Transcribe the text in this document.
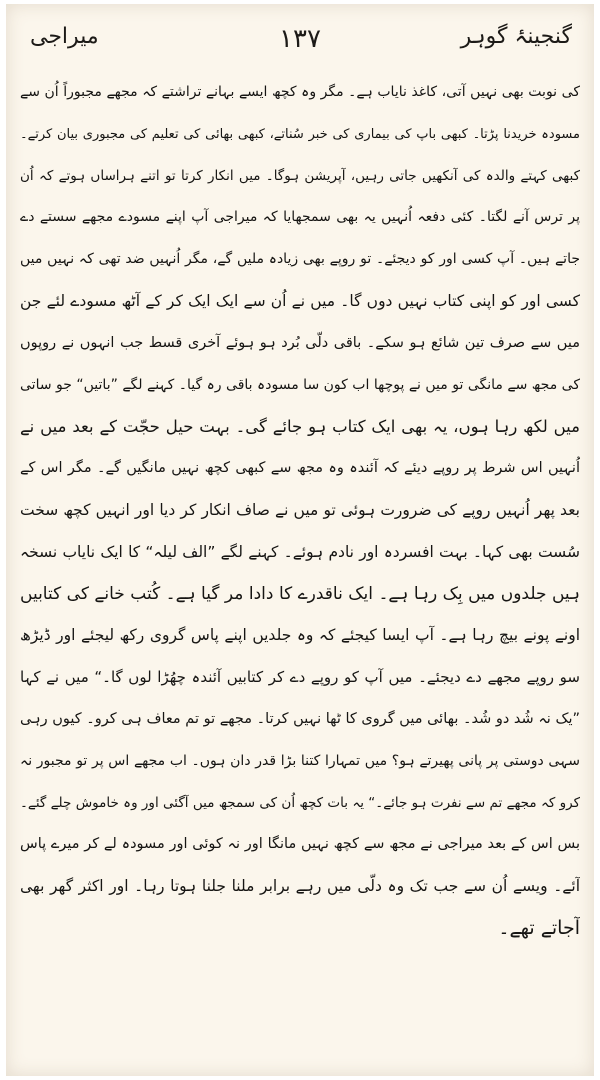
گنجینۂ گوہر
۱۳۷
میراجی
کی نوبت بھی نہیں آتی، کاغذ نایاب ہے۔ مگر وہ کچھ ایسے بہانے تراشتے کہ مجھے مجبوراً اُن سے
مسودہ خریدنا پڑتا۔ کبھی باپ کی بیماری کی خبر سُناتے، کبھی بھائی کی تعلیم کی مجبوری بیان کرتے۔
کبھی کہتے والدہ کی آنکھیں جاتی رہیں، آپریشن ہوگا۔ میں انکار کرتا تو اتنے ہراساں ہوتے کہ اُن
پر ترس آنے لگتا۔ کئی دفعہ اُنہیں یہ بھی سمجھایا کہ میراجی آپ اپنے مسودے مجھے سستے دے
جاتے ہیں۔ آپ کسی اور کو دیجئے۔ تو روپے بھی زیادہ ملیں گے، مگر اُنہیں ضد تھی کہ نہیں میں
کسی اور کو اپنی کتاب نہیں دوں گا۔ میں نے اُن سے ایک ایک کر کے آٹھ مسودے لئے جن
میں سے صرف تین شائع ہو سکے۔ باقی دلّی بُرد ہو ہوئے آخری قسط جب انہوں نے روپوں
کی مجھ سے مانگی تو میں نے پوچھا اب کون سا مسودہ باقی رہ گیا۔ کہنے لگے ”باتیں“ جو ساتی
میں لکھ رہا ہوں، یہ بھی ایک کتاب ہو جائے گی۔ بہت حیل حجّت کے بعد میں نے
اُنہیں اس شرط پر روپے دیئے کہ آئندہ وہ مجھ سے کبھی کچھ نہیں مانگیں گے۔ مگر اس کے
بعد پھر اُنہیں روپے کی ضرورت ہوئی تو میں نے صاف انکار کر دیا اور انہیں کچھ سخت
سُست بھی کہا۔ بہت افسردہ اور نادم ہوئے۔ کہنے لگے ”الف لیلہ“ کا ایک نایاب نسخہ
ہیں جلدوں میں بِک رہا ہے۔ ایک ناقدرے کا دادا مر گیا ہے۔ کُتب خانے کی کتابیں
اونے پونے بیچ رہا ہے۔ آپ ایسا کیجئے کہ وہ جلدیں اپنے پاس گروی رکھ لیجئے اور ڈیڑھ
سو روپے مجھے دے دیجئے۔ میں آپ کو روپے دے کر کتابیں آئندہ چھُڑا لوں گا۔“ میں نے کہا
”یک نہ شُد دو شُد۔ بھائی میں گروی کا ٹھا نہیں کرتا۔ مجھے تو تم معاف ہی کرو۔ کیوں رہی
سہی دوستی پر پانی پھیرتے ہو؟ میں تمہارا کتنا بڑا قدر دان ہوں۔ اب مجھے اس پر تو مجبور نہ
کرو کہ مجھے تم سے نفرت ہو جائے۔“ یہ بات کچھ اُن کی سمجھ میں آگئی اور وہ خاموش چلے گئے۔
بس اس کے بعد میراجی نے مجھ سے کچھ نہیں مانگا اور نہ کوئی اور مسودہ لے کر میرے پاس
آئے۔ ویسے اُن سے جب تک وہ دلّی میں رہے برابر ملنا جلنا ہوتا رہا۔ اور اکثر گھر بھی
آجاتے تھے۔
